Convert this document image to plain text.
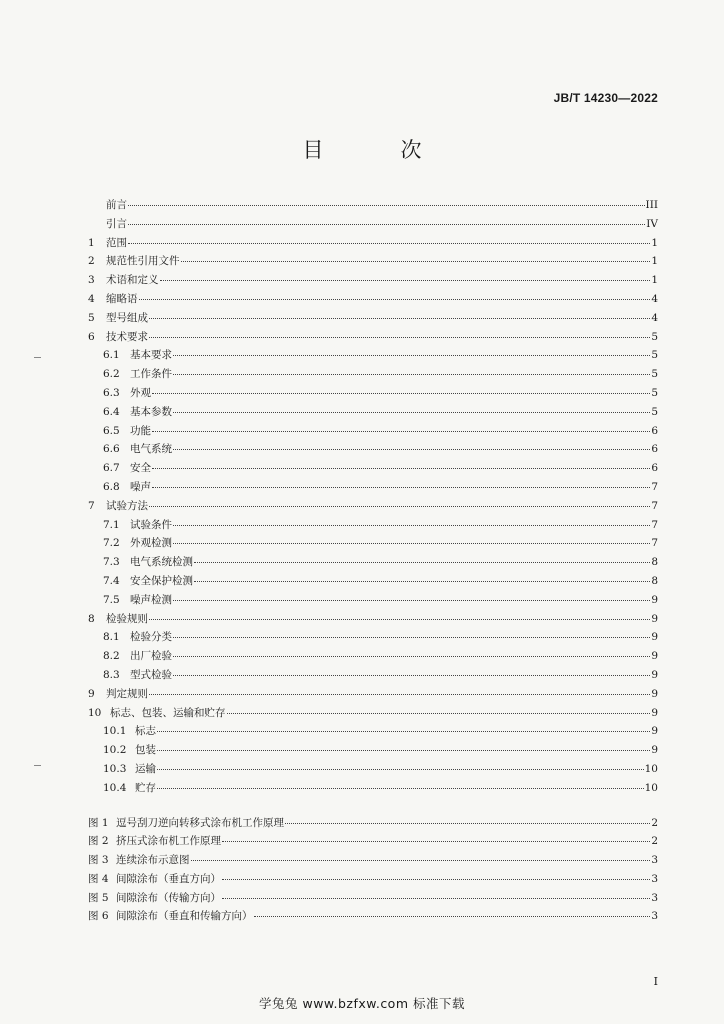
JB/T 14230—2022
目　次
前言	III
引言	IV
1	范围	1
2	规范性引用文件	1
3	术语和定义	1
4	缩略语	4
5	型号组成	4
6	技术要求	5
6.1 基本要求	5
6.2 工作条件	5
6.3 外观	5
6.4 基本参数	5
6.5 功能	6
6.6 电气系统	6
6.7 安全	6
6.8 噪声	7
7	试验方法	7
7.1 试验条件	7
7.2 外观检测	7
7.3 电气系统检测	8
7.4 安全保护检测	8
7.5 噪声检测	9
8	检验规则	9
8.1 检验分类	9
8.2 出厂检验	9
8.3 型式检验	9
9	判定规则	9
10 标志、包装、运输和贮存	9
10.1 标志	9
10.2 包装	9
10.3 运输	10
10.4 贮存	10
图 1 逗号刮刀逆向转移式涂布机工作原理	2
图 2 挤压式涂布机工作原理	2
图 3 连续涂布示意图	3
图 4 间隙涂布（垂直方向）	3
图 5 间隙涂布（传输方向）	3
图 6 间隙涂布（垂直和传输方向）	3
I
学兔兔 www.bzfxw.com 标准下载
